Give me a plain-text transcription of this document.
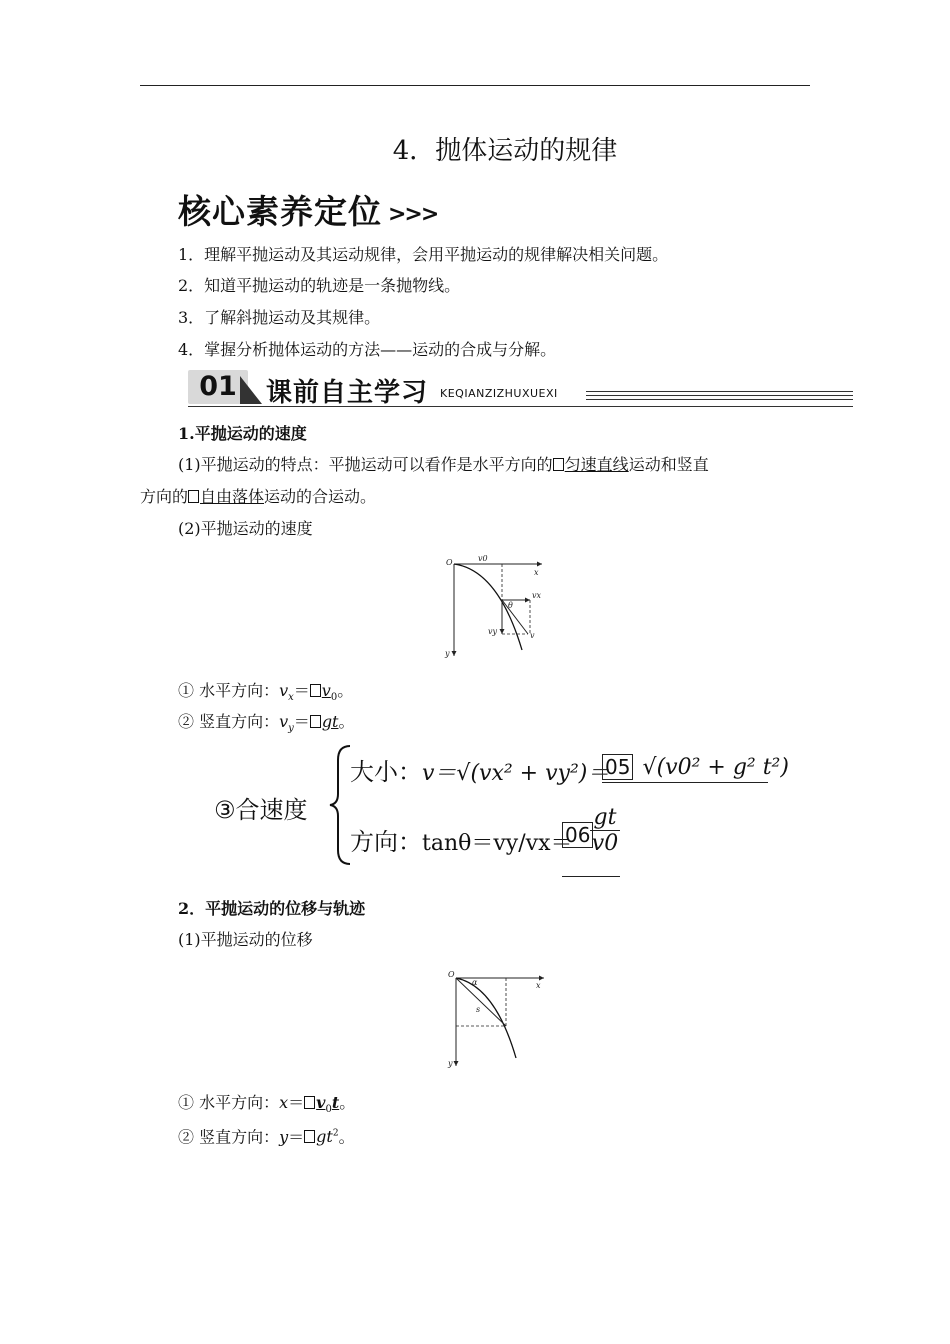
4．抛体运动的规律
核心素养定位 >>>
1．理解平抛运动及其运动规律，会用平抛运动的规律解决相关问题。
2．知道平抛运动的轨迹是一条抛物线。
3．了解斜抛运动及其规律。
4．掌握分析抛体运动的方法——运动的合成与分解。
01	课前自主学习 KEQIANZIZHUXUEXI
1.平抛运动的速度
(1)平抛运动的特点：平抛运动可以看作是水平方向的 匀速直线运动和竖直
方向的 自由落体运动的合运动。
(2)平抛运动的速度
O	v0
x
y
θ
vx
vy	v
① 水平方向：$v_x= v_0$。
② 竖直方向：$v_y=$ gt。
③合速度
大小：v＝√(vx² + vy²)＝
05 √(v0² + g² t²)
方向：tanθ＝vy/vx＝
06
gt
v0
2．平抛运动的位移与轨迹
(1)平抛运动的位移
O
α	x
y
s
① 水平方向：$x= v_0t$。
② 竖直方向：$y= gt^2$。
